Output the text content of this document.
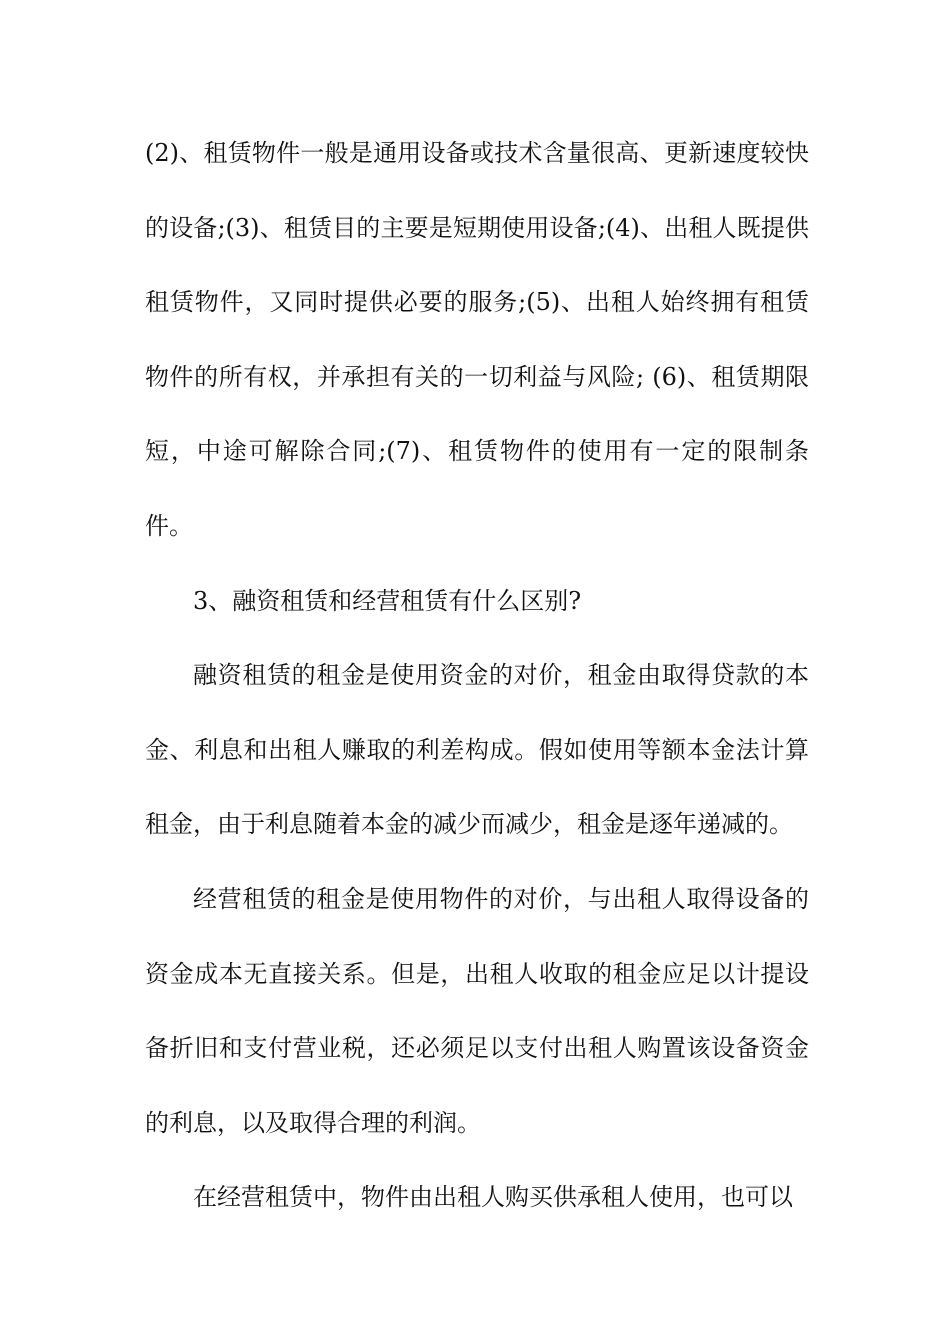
(2)、租赁物件一般是通用设备或技术含量很高、更新速度较快的设备;(3)、租赁目的主要是短期使用设备;(4)、出租人既提供租赁物件，又同时提供必要的服务;(5)、出租人始终拥有租赁物件的所有权，并承担有关的一切利益与风险; (6)、租赁期限短，中途可解除合同;(7)、租赁物件的使用有一定的限制条件。

3、融资租赁和经营租赁有什么区别?

融资租赁的租金是使用资金的对价，租金由取得贷款的本金、利息和出租人赚取的利差构成。假如使用等额本金法计算租金，由于利息随着本金的减少而减少，租金是逐年递减的。

经营租赁的租金是使用物件的对价，与出租人取得设备的资金成本无直接关系。但是，出租人收取的租金应足以计提设备折旧和支付营业税，还必须足以支付出租人购置该设备资金的利息，以及取得合理的利润。

在经营租赁中，物件由出租人购买供承租人使用，也可以
